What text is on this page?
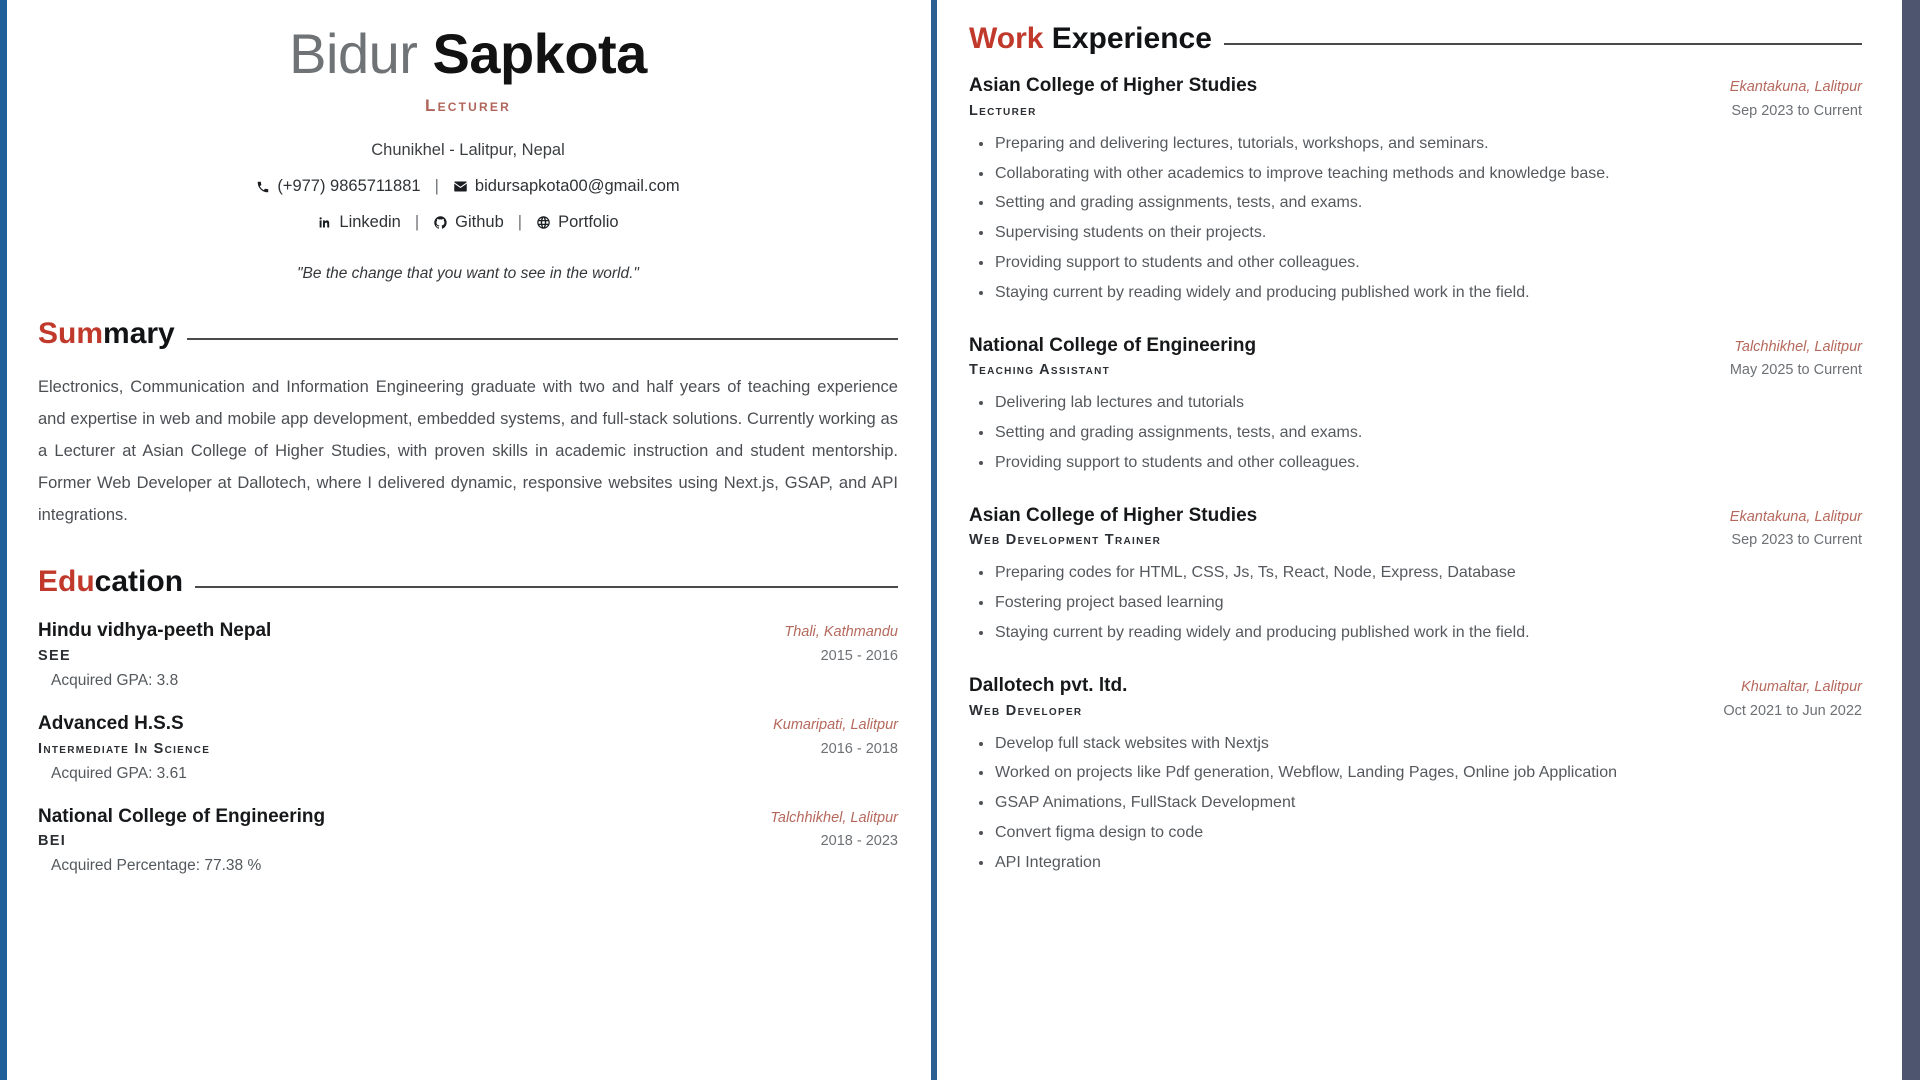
Bidur Sapkota
Lecturer
Chunikhel - Lalitpur, Nepal
(+977) 9865711881 | bidursapkota00@gmail.com
Linkedin | Github | Portfolio
"Be the change that you want to see in the world."
Summary
Electronics, Communication and Information Engineering graduate with two and half years of teaching experience and expertise in web and mobile app development, embedded systems, and full-stack solutions. Currently working as a Lecturer at Asian College of Higher Studies, with proven skills in academic instruction and student mentorship. Former Web Developer at Dallotech, where I delivered dynamic, responsive websites using Next.js, GSAP, and API integrations.
Education
Hindu vidhya-peeth Nepal	Thali, Kathmandu
SEE	2015 - 2016
Acquired GPA: 3.8
Advanced H.S.S	Kumaripati, Lalitpur
Intermediate In Science	2016 - 2018
Acquired GPA: 3.61
National College of Engineering	Talchhikhel, Lalitpur
BEI	2018 - 2023
Acquired Percentage: 77.38 %
Work Experience
Asian College of Higher Studies	Ekantakuna, Lalitpur
Lecturer	Sep 2023 to Current
Preparing and delivering lectures, tutorials, workshops, and seminars.
Collaborating with other academics to improve teaching methods and knowledge base.
Setting and grading assignments, tests, and exams.
Supervising students on their projects.
Providing support to students and other colleagues.
Staying current by reading widely and producing published work in the field.
National College of Engineering	Talchhikhel, Lalitpur
Teaching Assistant	May 2025 to Current
Delivering lab lectures and tutorials
Setting and grading assignments, tests, and exams.
Providing support to students and other colleagues.
Asian College of Higher Studies	Ekantakuna, Lalitpur
Web Development Trainer	Sep 2023 to Current
Preparing codes for HTML, CSS, Js, Ts, React, Node, Express, Database
Fostering project based learning
Staying current by reading widely and producing published work in the field.
Dallotech pvt. ltd.	Khumaltar, Lalitpur
Web Developer	Oct 2021 to Jun 2022
Develop full stack websites with Nextjs
Worked on projects like Pdf generation, Webflow, Landing Pages, Online job Application
GSAP Animations, FullStack Development
Convert figma design to code
API Integration
